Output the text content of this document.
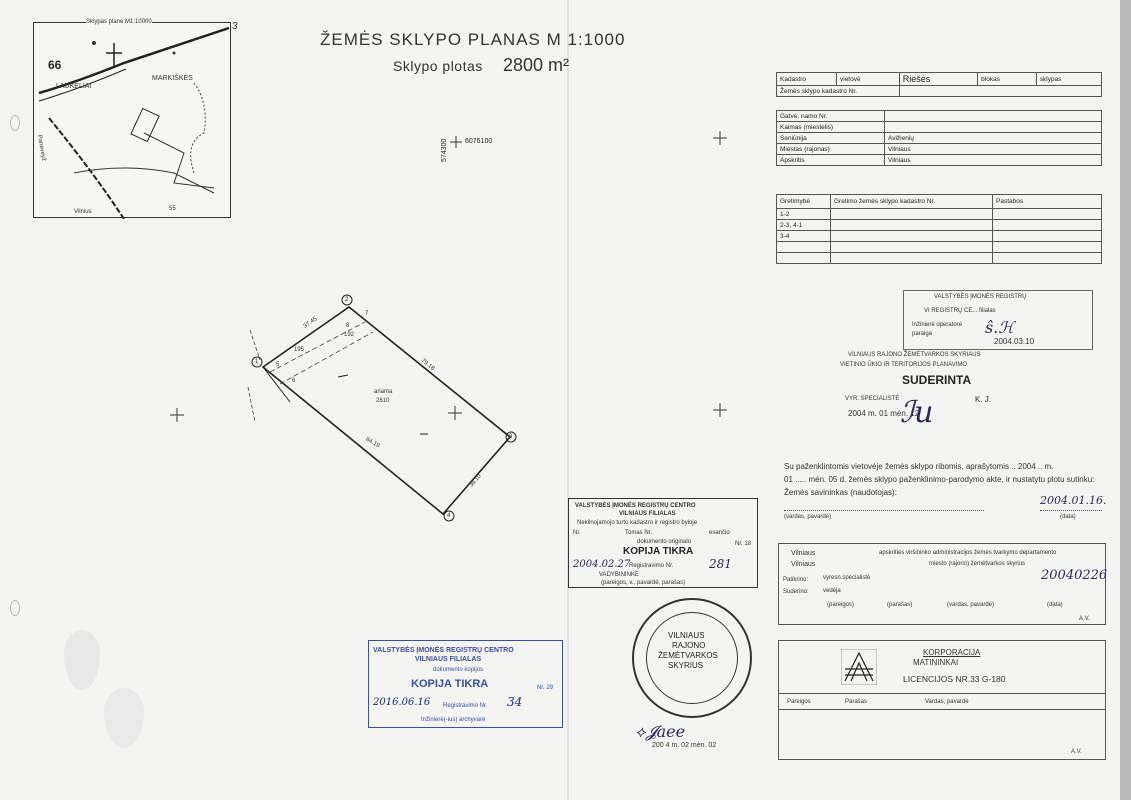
3
ŽEMĖS SKLYPO PLANAS M 1:1000
Sklypo plotas 2800 m²
Sklypas plane M1:10000
66
LAUKELIAI
MARKIŠKĖS
Paneveyž
Vilnius	55
6076100
574300
1
2
3
4
37.45
79.18
84.19
38.10
ariama
2610
8
192
195
5
6
7
Kadastro	vietovė	Riešės	blokas	sklypas
Žemės sklypo kadastro Nr.				
Gatvė, namo Nr.	
Kaimas (miestelis)	
Seniūnija	Avižienių
Miestas (rajonas)	Vilniaus
Apskritis	Vilniaus
Gretimybė	Gretimo žemės sklypo kadastro Nr.	Pastabos
1-2		
2-3, 4-1		
3-4		

VALSTYBĖS ĮMONĖS REGISTRŲ
VI REGISTRŲ CE... filialas
Inžinierė operatorė
paraiga
2004.03.10
ŝ.ℋ
VILNIAUS RAJONO ŽEMĖTVARKOS SKYRIAUS
VIETINIO ŪKIO IR TERITORIJOS PLANAVIMO
SUDERINTA
VYR. SPECIALISTĖ	K. J.
2004 m. 01 mėn. 12
ℐu
Su paženklintomis vietovėje žemės sklypo ribomis, aprašytomis .. 2004 .. m.
01 ..... mėn. 05 d. žemės sklypo paženklinimo-parodymo akte, ir nustatytu plotu sutinku:
Žemės savininkas (naudotojas):
(vardas, pavardė)	(data)
2004.01.16.
Vilniaus	apskrities viršininko administracijos žemės tvarkymo departamento
Vilniaus	miesto (rajono) žemėtvarkos skyrius
Patikrino: vyresn.specialistė
Suderino: vedėja
(pareigos)	(parašas)	(vardas, pavardė)	(data)
20040226
A.V.
KORPORACIJA
MATININKAI
LICENCIJOS NR.33 G-180
Pareigos	Parašas	Vardas, pavardė
A.V.
VALSTYBĖS ĮMONĖS REGISTRŲ CENTRO
VILNIAUS FILIALAS
Nekilnojamojo turto kadastro ir registro byloje
Nr.	Tomas Nr.	esančio
dokumento originalo
KOPIJA TIKRA
Registravimo Nr.	281
2004.02.27
VADYBININKĖ
(pareigos, v., pavardė, parašas)
Nr. 18
VILNIAUS
RAJONO
ŽEMĖTVARKOS
SKYRIUS
⟡𝓙aee
200 4 m. 02 mėn. 02
VALSTYBĖS ĮMONĖS REGISTRŲ CENTRO
VILNIAUS FILIALAS
dokumento kopijos
KOPIJA TIKRA	Nr. 29
2016.06.16 Registravimo Nr. 34
Inžinierė(-ius) archyvarė
